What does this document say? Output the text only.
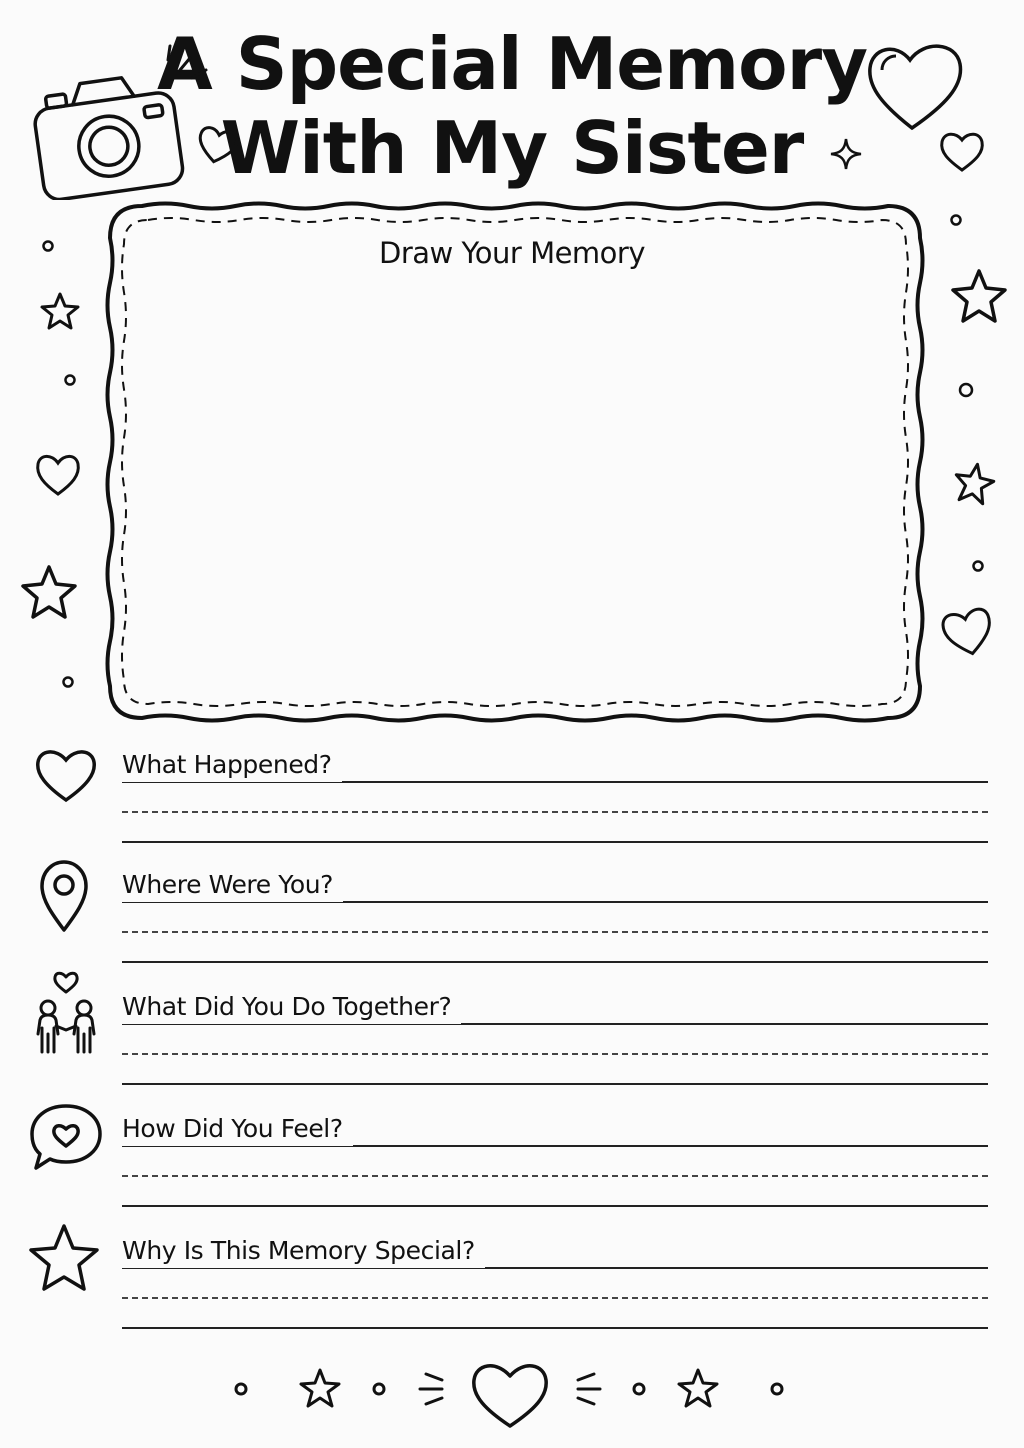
A Special Memory
With My Sister
Draw Your Memory
What Happened?
Where Were You?
What Did You Do Together?
How Did You Feel?
Why Is This Memory Special?
